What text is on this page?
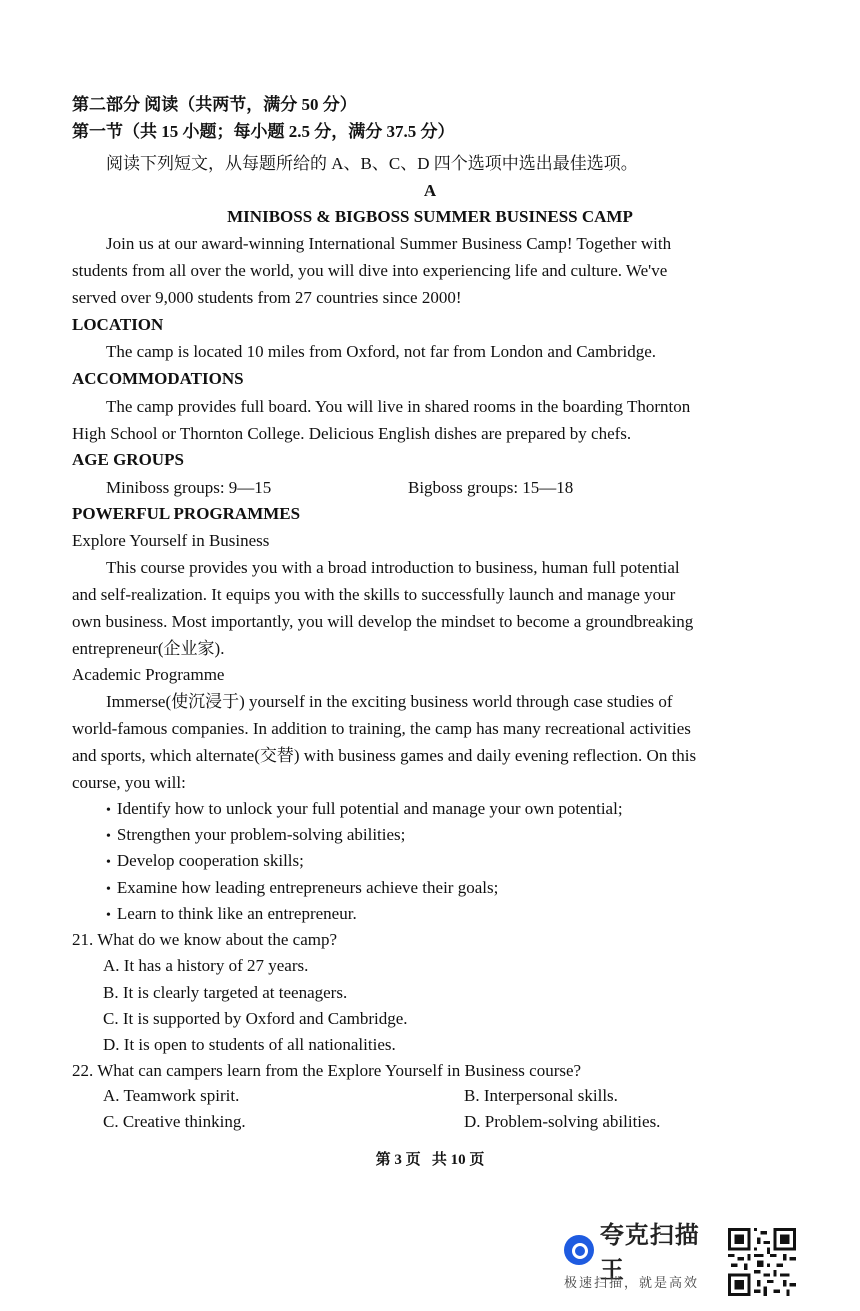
第二部分 阅读（共两节，满分 50 分）
第一节（共 15 小题；每小题 2.5 分，满分 37.5 分）
阅读下列短文，从每题所给的 A、B、C、D 四个选项中选出最佳选项。
A
MINIBOSS & BIGBOSS SUMMER BUSINESS CAMP
Join us at our award-winning International Summer Business Camp! Together with
students from all over the world, you will dive into experiencing life and culture. We've
served over 9,000 students from 27 countries since 2000!
LOCATION
The camp is located 10 miles from Oxford, not far from London and Cambridge.
ACCOMMODATIONS
The camp provides full board. You will live in shared rooms in the boarding Thornton
High School or Thornton College. Delicious English dishes are prepared by chefs.
AGE GROUPS
Miniboss groups: 9—15	Bigboss groups: 15—18
POWERFUL PROGRAMMES
Explore Yourself in Business
This course provides you with a broad introduction to business, human full potential
and self-realization. It equips you with the skills to successfully launch and manage your
own business. Most importantly, you will develop the mindset to become a groundbreaking
entrepreneur(企业家).
Academic Programme
Immerse(使沉浸于) yourself in the exciting business world through case studies of
world-famous companies. In addition to training, the camp has many recreational activities
and sports, which alternate(交替) with business games and daily evening reflection. On this
course, you will:
• Identify how to unlock your full potential and manage your own potential;
• Strengthen your problem-solving abilities;
• Develop cooperation skills;
• Examine how leading entrepreneurs achieve their goals;
• Learn to think like an entrepreneur.
21. What do we know about the camp?
A. It has a history of 27 years.
B. It is clearly targeted at teenagers.
C. It is supported by Oxford and Cambridge.
D. It is open to students of all nationalities.
22. What can campers learn from the Explore Yourself in Business course?
A. Teamwork spirit.	B. Interpersonal skills.
C. Creative thinking.	D. Problem-solving abilities.
第 3 页   共 10 页
夸克扫描王
极速扫描，就是高效
